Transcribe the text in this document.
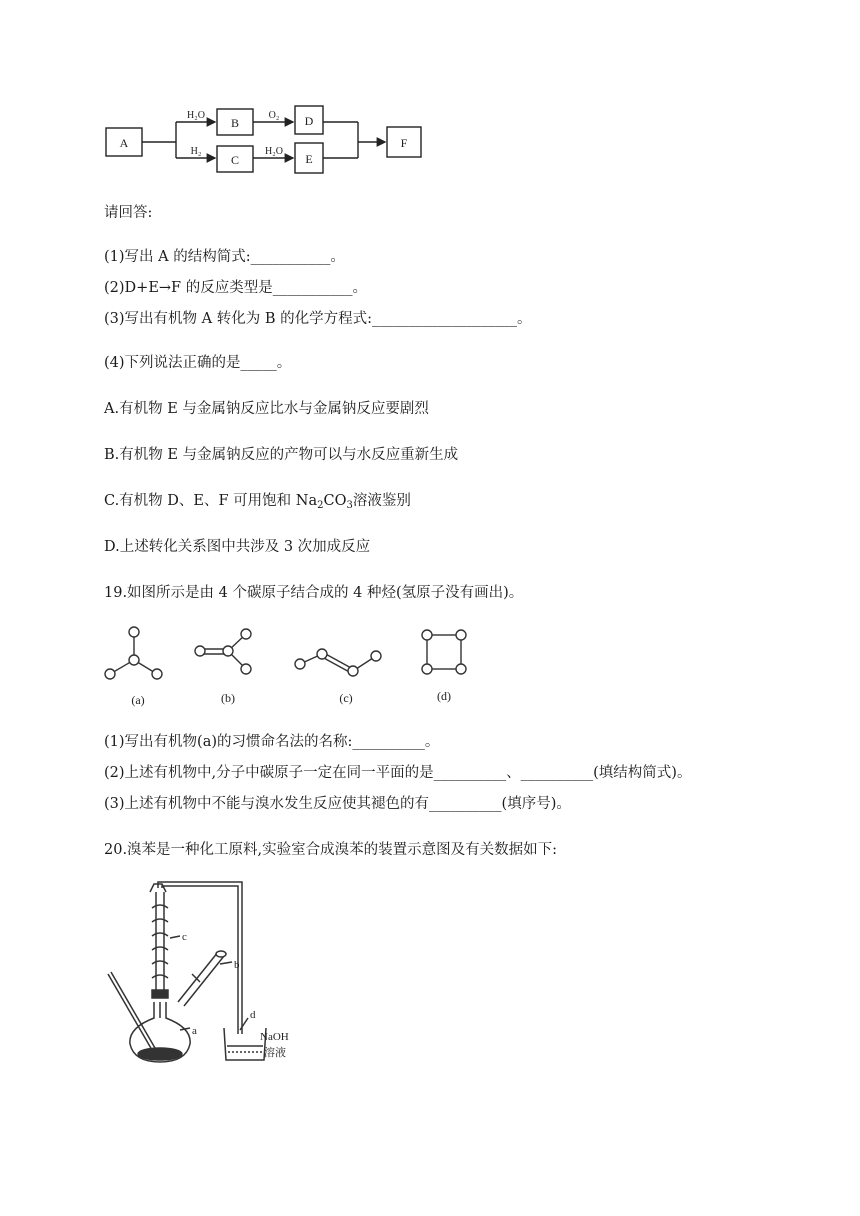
A
B
C
D
E
F
H₂O
H₂
O₂
H₂O
请回答:
(1)写出 A 的结构简式:___________。
(2)D+E→F 的反应类型是___________。
(3)写出有机物 A 转化为 B 的化学方程式:____________________。
(4)下列说法正确的是_____。
A.有机物 E 与金属钠反应比水与金属钠反应要剧烈
B.有机物 E 与金属钠反应的产物可以与水反应重新生成
C.有机物 D、E、F 可用饱和 $Na_2CO_3$溶液鉴别
D.上述转化关系图中共涉及 3 次加成反应
19.如图所示是由 4 个碳原子结合成的 4 种烃(氢原子没有画出)。
(a)	(b)	(c)	(d)
(1)写出有机物(a)的习惯命名法的名称:__________。
(2)上述有机物中,分子中碳原子一定在同一平面的是__________、__________(填结构简式)。
(3)上述有机物中不能与溴水发生反应使其褪色的有__________(填序号)。
20.溴苯是一种化工原料,实验室合成溴苯的装置示意图及有关数据如下:
c
b
a
d
NaOH
溶液
